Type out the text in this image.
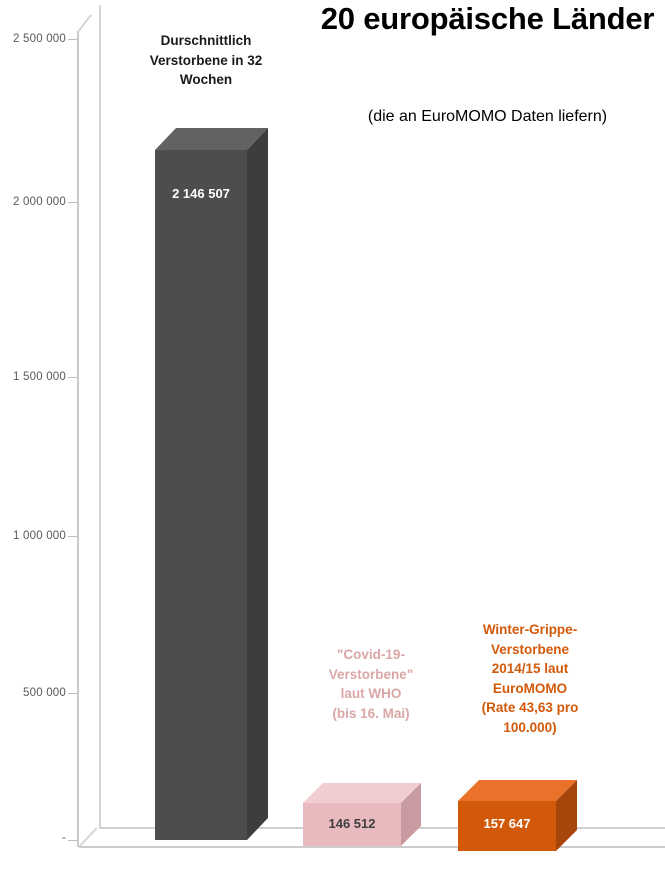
20 europäische Länder
(die an EuroMOMO Daten liefern)
2 500 000
2 000 000
1 500 000
1 000 000
500 000
-
2 146 507
Durschnittlich
Verstorbene in 32
Wochen
146 512
"Covid-19-
Verstorbene"
laut WHO
(bis 16. Mai)
157 647
Winter-Grippe-
Verstorbene
2014/15 laut
EuroMOMO
(Rate 43,63 pro
100.000)
